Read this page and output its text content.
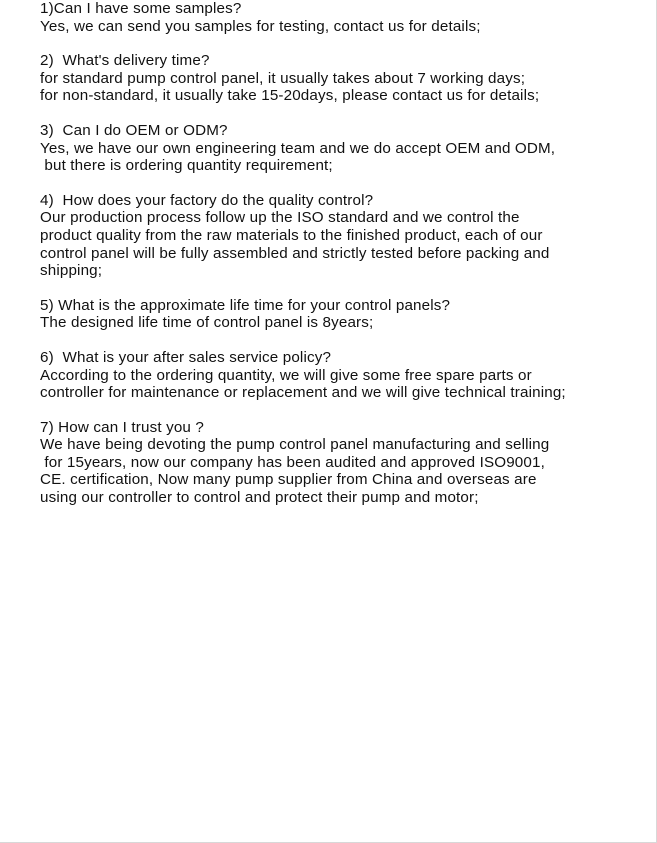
1)Can I have some samples?
Yes, we can send you samples for testing, contact us for details;
2)  What's delivery time?
for standard pump control panel, it usually takes about 7 working days;
for non-standard, it usually take 15-20days, please contact us for details;
3)  Can I do OEM or ODM?
Yes, we have our own engineering team and we do accept OEM and ODM,
but there is ordering quantity requirement;
4)  How does your factory do the quality control?
Our production process follow up the ISO standard and we control the
product quality from the raw materials to the finished product, each of our
control panel will be fully assembled and strictly tested before packing and
shipping;
5) What is the approximate life time for your control panels?
The designed life time of control panel is 8years;
6)  What is your after sales service policy?
According to the ordering quantity, we will give some free spare parts or
controller for maintenance or replacement and we will give technical training;
7) How can I trust you ?
We have being devoting the pump control panel manufacturing and selling
for 15years, now our company has been audited and approved ISO9001,
CE. certification, Now many pump supplier from China and overseas are
using our controller to control and protect their pump and motor;
